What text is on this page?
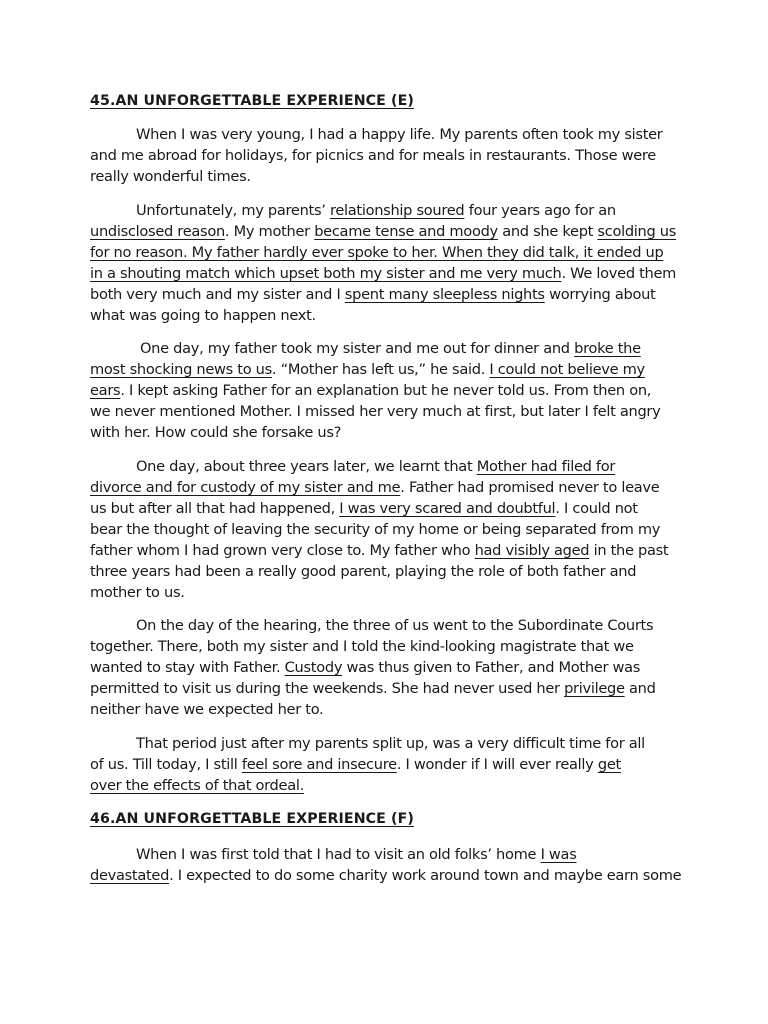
45.AN UNFORGETTABLE EXPERIENCE (E)
When I was very young, I had a happy life. My parents often took my sister
and me abroad for holidays, for picnics and for meals in restaurants. Those were
really wonderful times.
Unfortunately, my parents’ relationship soured four years ago for an
undisclosed reason. My mother became tense and moody and she kept scolding us
for no reason. My father hardly ever spoke to her. When they did talk, it ended up
in a shouting match which upset both my sister and me very much. We loved them
both very much and my sister and I spent many sleepless nights worrying about
what was going to happen next.
One day, my father took my sister and me out for dinner and broke the
most shocking news to us. “Mother has left us,” he said. I could not believe my
ears. I kept asking Father for an explanation but he never told us. From then on,
we never mentioned Mother. I missed her very much at first, but later I felt angry
with her. How could she forsake us?
One day, about three years later, we learnt that Mother had filed for
divorce and for custody of my sister and me. Father had promised never to leave
us but after all that had happened, I was very scared and doubtful. I could not
bear the thought of leaving the security of my home or being separated from my
father whom I had grown very close to. My father who had visibly aged in the past
three years had been a really good parent, playing the role of both father and
mother to us.
On the day of the hearing, the three of us went to the Subordinate Courts
together. There, both my sister and I told the kind-looking magistrate that we
wanted to stay with Father. Custody was thus given to Father, and Mother was
permitted to visit us during the weekends. She had never used her privilege and
neither have we expected her to.
That period just after my parents split up, was a very difficult time for all
of us. Till today, I still feel sore and insecure. I wonder if I will ever really get
over the effects of that ordeal.
46.AN UNFORGETTABLE EXPERIENCE (F)
When I was first told that I had to visit an old folks’ home I was
devastated. I expected to do some charity work around town and maybe earn some
